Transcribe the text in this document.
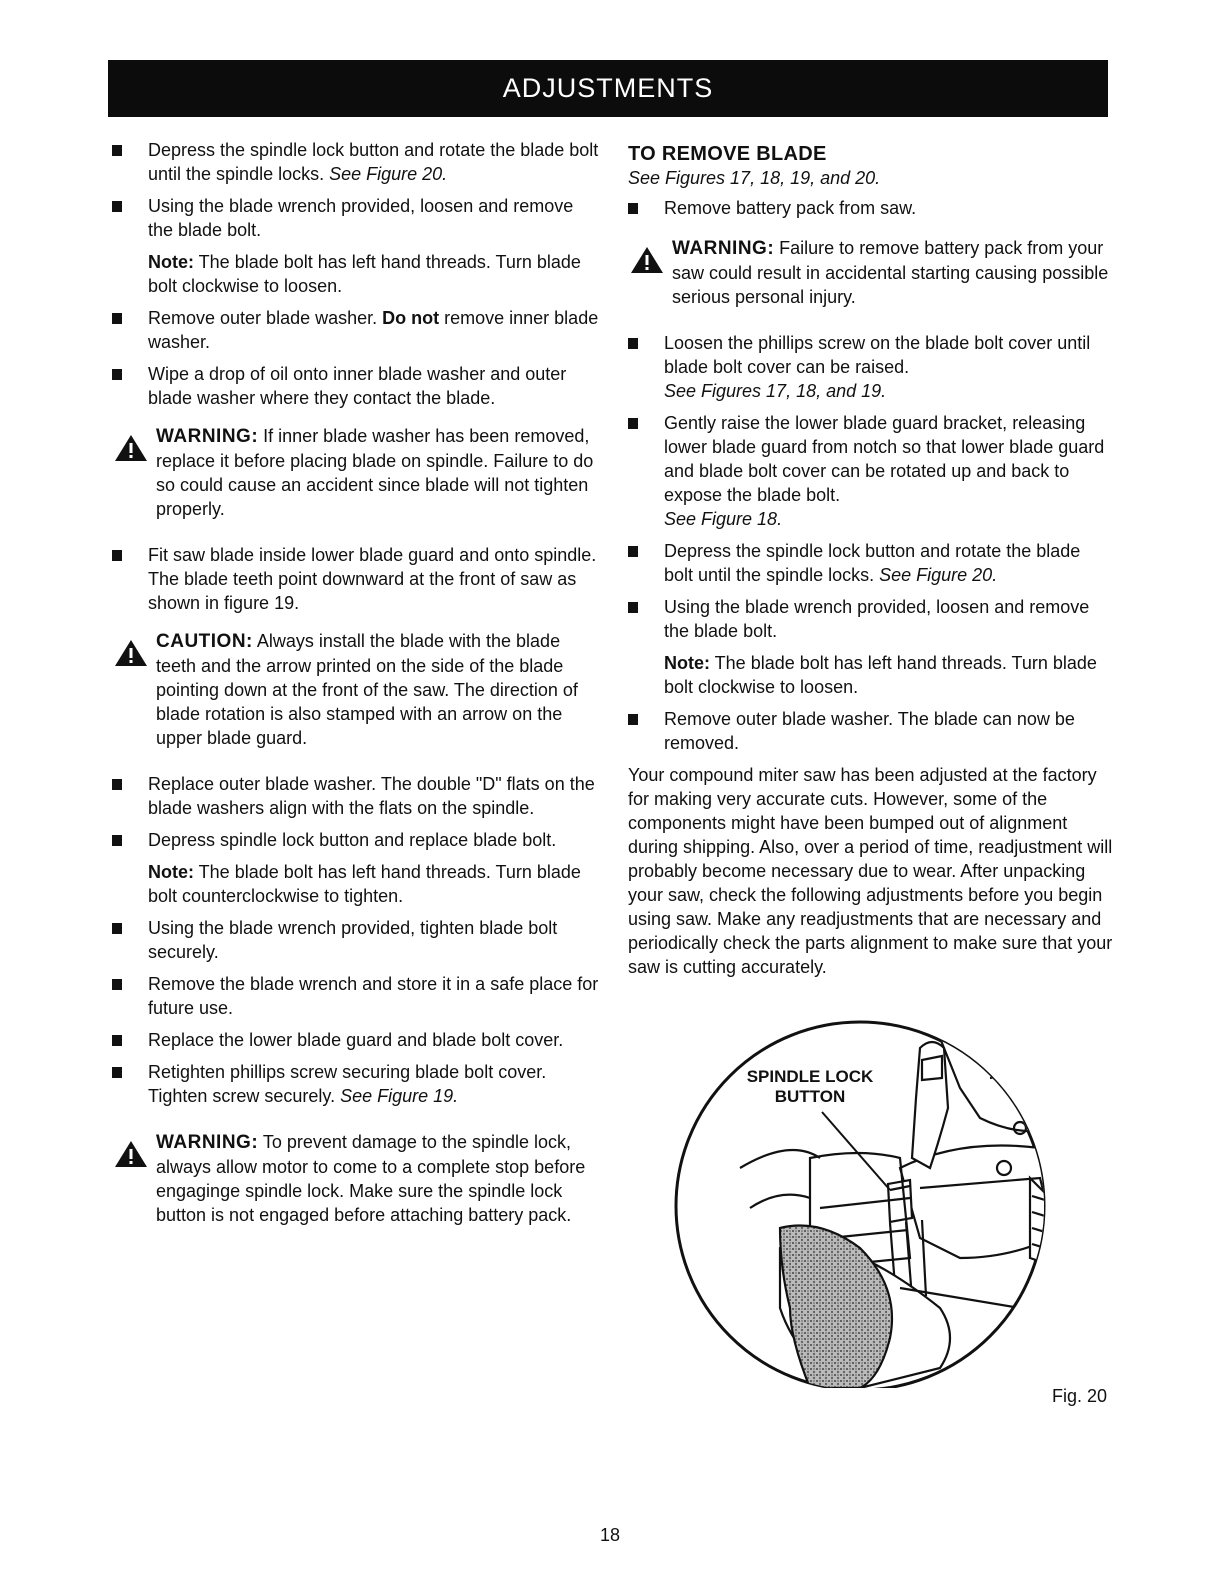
ADJUSTMENTS
Depress the spindle lock button and rotate the blade bolt until the spindle locks. See Figure 20.
Using the blade wrench provided, loosen and remove the blade bolt.
Note: The blade bolt has left hand threads. Turn blade bolt clockwise to loosen.
Remove outer blade washer. Do not remove inner blade washer.
Wipe a drop of oil onto inner blade washer and outer blade washer where they contact the blade.
WARNING: If inner blade washer has been removed, replace it before placing blade on spindle. Failure to do so could cause an accident since blade will not tighten properly.
Fit saw blade inside lower blade guard and onto spindle. The blade teeth point downward at the front of saw as shown in figure 19.
CAUTION: Always install the blade with the blade teeth and the arrow printed on the side of the blade pointing down at the front of the saw. The direction of blade rotation is also stamped with an arrow on the upper blade guard.
Replace outer blade washer. The double "D" flats on the blade washers align with the flats on the spindle.
Depress spindle lock button and replace blade bolt.
Note: The blade bolt has left hand threads. Turn blade bolt counterclockwise to tighten.
Using the blade wrench provided, tighten blade bolt securely.
Remove the blade wrench and store it in a safe place for future use.
Replace the lower blade guard and blade bolt cover.
Retighten phillips screw securing blade bolt cover. Tighten screw securely. See Figure 19.
WARNING: To prevent damage to the spindle lock, always allow motor to come to a complete stop before engaginge spindle lock. Make sure the spindle lock button is not engaged before attaching battery pack.
TO REMOVE BLADE
See Figures 17, 18, 19, and 20.
Remove battery pack from saw.
WARNING: Failure to remove battery pack from your saw could result in accidental starting causing possible serious personal injury.
Loosen the phillips screw on the blade bolt cover until blade bolt cover can be raised.
See Figures 17, 18, and 19.
Gently raise the lower blade guard bracket, releasing lower blade guard from notch so that lower blade guard and blade bolt cover can be rotated up and back to expose the blade bolt.
See Figure 18.
Depress the spindle lock button and rotate the blade bolt until the spindle locks. See Figure 20.
Using the blade wrench provided, loosen and remove the blade bolt.
Note: The blade bolt has left hand threads. Turn blade bolt clockwise to loosen.
Remove outer blade washer. The blade can now be removed.

Your compound miter saw has been adjusted at the factory for making very accurate cuts. However, some of the components might have been bumped out of alignment during shipping. Also, over a period of time, readjustment will probably become necessary due to wear. After unpacking your saw, check the following adjustments before you begin using saw. Make any readjustments that are necessary and periodically check the parts alignment to make sure that your saw is cutting accurately.

SPINDLE LOCK
BUTTON
Fig. 20
18
